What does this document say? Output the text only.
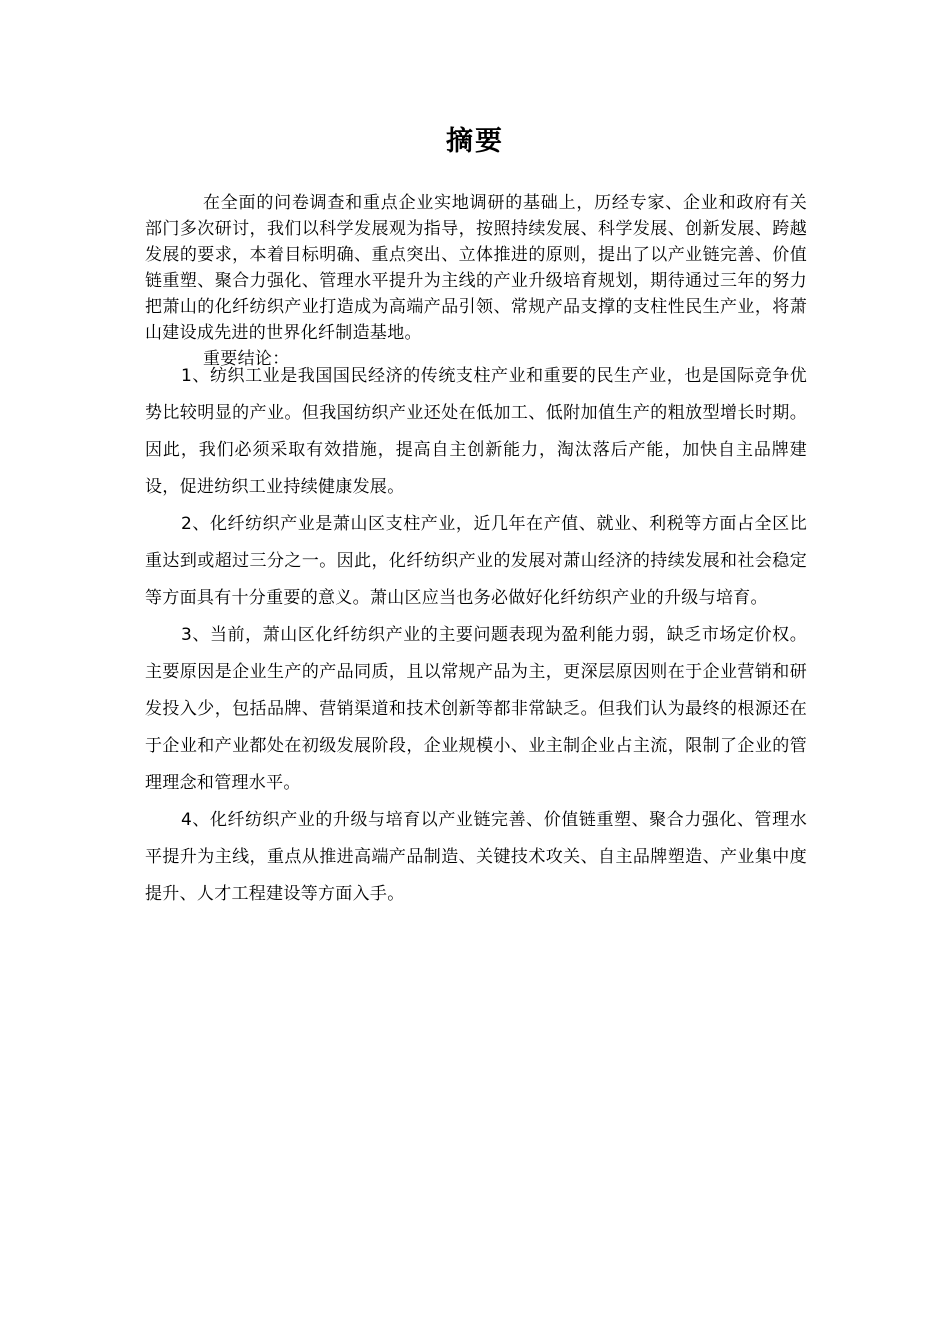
摘要

在全面的问卷调查和重点企业实地调研的基础上，历经专家、企业和政府有关部门多次研讨，我们以科学发展观为指导，按照持续发展、科学发展、创新发展、跨越发展的要求，本着目标明确、重点突出、立体推进的原则，提出了以产业链完善、价值链重塑、聚合力强化、管理水平提升为主线的产业升级培育规划，期待通过三年的努力把萧山的化纤纺织产业打造成为高端产品引领、常规产品支撑的支柱性民生产业，将萧山建设成先进的世界化纤制造基地。

重要结论：

1、纺织工业是我国国民经济的传统支柱产业和重要的民生产业，也是国际竞争优势比较明显的产业。但我国纺织产业还处在低加工、低附加值生产的粗放型增长时期。因此，我们必须采取有效措施，提高自主创新能力，淘汰落后产能，加快自主品牌建设，促进纺织工业持续健康发展。

2、化纤纺织产业是萧山区支柱产业，近几年在产值、就业、利税等方面占全区比重达到或超过三分之一。因此，化纤纺织产业的发展对萧山经济的持续发展和社会稳定等方面具有十分重要的意义。萧山区应当也务必做好化纤纺织产业的升级与培育。

3、当前，萧山区化纤纺织产业的主要问题表现为盈利能力弱，缺乏市场定价权。主要原因是企业生产的产品同质，且以常规产品为主，更深层原因则在于企业营销和研发投入少，包括品牌、营销渠道和技术创新等都非常缺乏。但我们认为最终的根源还在于企业和产业都处在初级发展阶段，企业规模小、业主制企业占主流，限制了企业的管理理念和管理水平。

4、化纤纺织产业的升级与培育以产业链完善、价值链重塑、聚合力强化、管理水平提升为主线，重点从推进高端产品制造、关键技术攻关、自主品牌塑造、产业集中度提升、人才工程建设等方面入手。
